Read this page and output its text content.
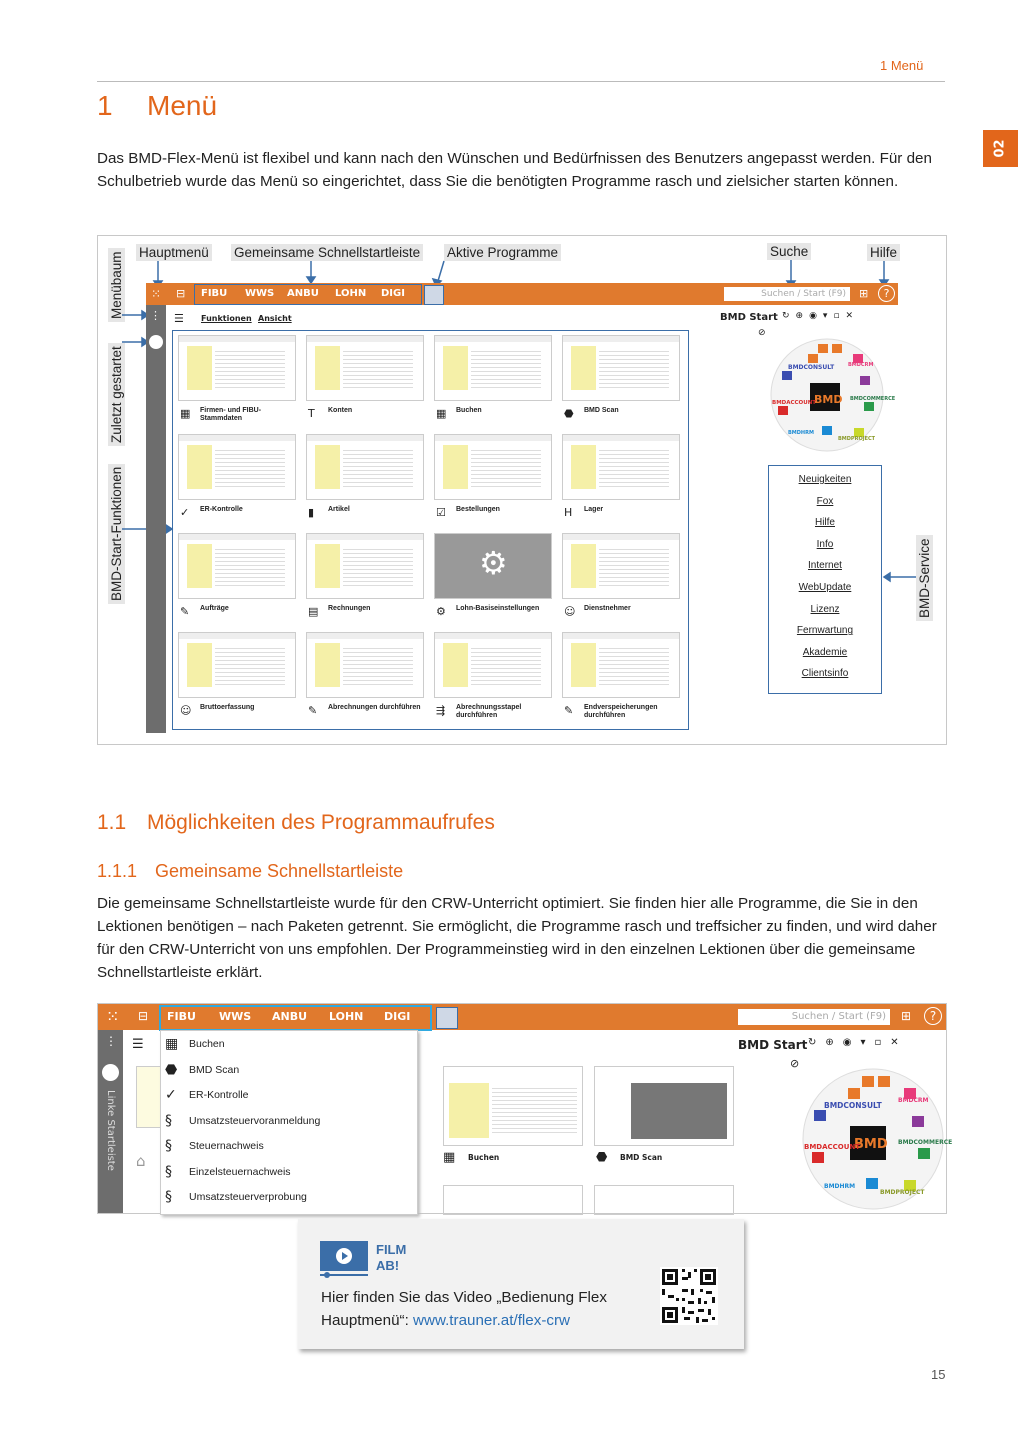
1 Menü
02
1 Menü

Das BMD-Flex-Menü ist flexibel und kann nach den Wünschen und Bedürfnissen des Benutzers angepasst werden. Für den Schulbetrieb wurde das Menü so eingerichtet, dass Sie die benötigten Programme rasch und zielsicher starten können.

Hauptmenü Gemeinsame Schnellstartleiste Aktive Programme	Suche	Hilfe
Menübaum
Zuletzt gestartet
BMD-Start-Funktionen	BMD-Service
⁙	⊟ FIBU WWS ANBU LOHN DIGI	Suchen / Start (F9)	⊞	?
⋮ ☰ Funktionen Ansicht
▦	Firmen- und FIBU-Stammdaten	T	Konten	▦	Buchen	⬣	BMD Scan
✓	ER-Kontrolle	▮	Artikel	☑	Bestellungen	H	Lager
✎	Aufträge	▤	Rechnungen
⚙
⚙	Lohn-Basiseinstellungen	☺	Dienstnehmer
☺	Bruttoerfassung	✎	Abrechnungen durchführen	⇶	Abrechnungsstapel durchführen	✎	Endverspeicherungen durchführen
BMD Start ↻⊕◉▾▫✕
⊘
BMD
BMDCONSULT	BMDCRM
BMDACCOUNT
BMDCOMMERCE
BMDHRM
BMDPROJECT
Neuigkeiten
Fox
Hilfe
Info
Internet
WebUpdate
Lizenz
Fernwartung
Akademie
Clientsinfo
1.1 Möglichkeiten des Programmaufrufes
1.1.1 Gemeinsame Schnellstartleiste

Die gemeinsame Schnellstartleiste wurde für den CRW-Unterricht optimiert. Sie finden hier alle Programme, die Sie in den Lektionen benötigen – nach Paketen getrennt. Sie ermöglicht, die Programme rasch und treffsicher zu finden, und wird daher für den CRW-Unterricht von uns empfohlen. Der Programmeinstieg wird in den einzelnen Lektionen über die gemeinsame Schnellstartleiste erklärt.

⁙ ⊟ FIBU WWS ANBU LOHN DIGI	Suchen / Start (F9)	⊞	?
⋮
Linke Startleiste
☰
▦ Buchen	⬣ BMD Scan
⌂
▦	Buchen
⬣	BMD Scan
✓	ER-Kontrolle
§	Umsatzsteuervoranmeldung
§	Steuernachweis
§	Einzelsteuernachweis
§	Umsatzsteuerverprobung
BMD Start ↻⊕◉▾▫✕
⊘
BMD
BMDCONSULT
BMDCRM
BMDACCOUNT
BMDCOMMERCE
BMDHRM
BMDPROJECT
FILM
AB!
Hier finden Sie das Video „Bedienung Flex Hauptmenü“: www.trauner.at/flex-crw
15
